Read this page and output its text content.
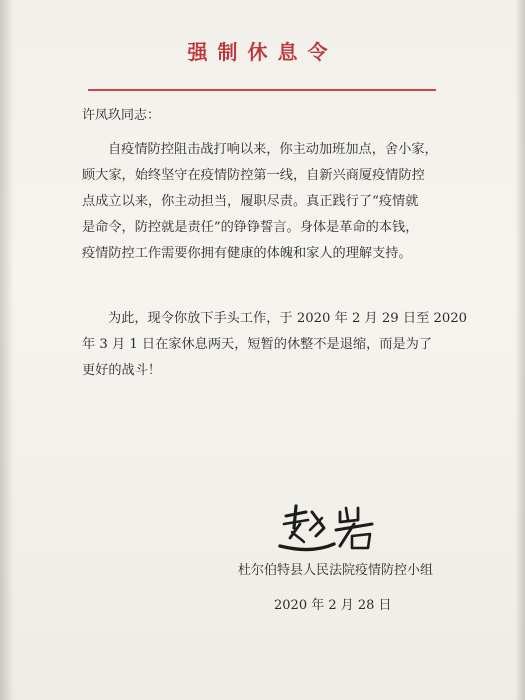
强制休息令
许凤玖同志：
自疫情防控阻击战打响以来，你主动加班加点，舍小家，
顾大家，始终坚守在疫情防控第一线，自新兴商厦疫情防控
点成立以来，你主动担当，履职尽责。真正践行了“疫情就
是命令，防控就是责任”的铮铮誓言。身体是革命的本钱，
疫情防控工作需要你拥有健康的体魄和家人的理解支持。
为此，现令你放下手头工作，于 2020 年 2 月 29 日至 2020
年 3 月 1 日在家休息两天，短暂的休整不是退缩，而是为了
更好的战斗！
杜尔伯特县人民法院疫情防控小组
2020 年 2 月 28 日
